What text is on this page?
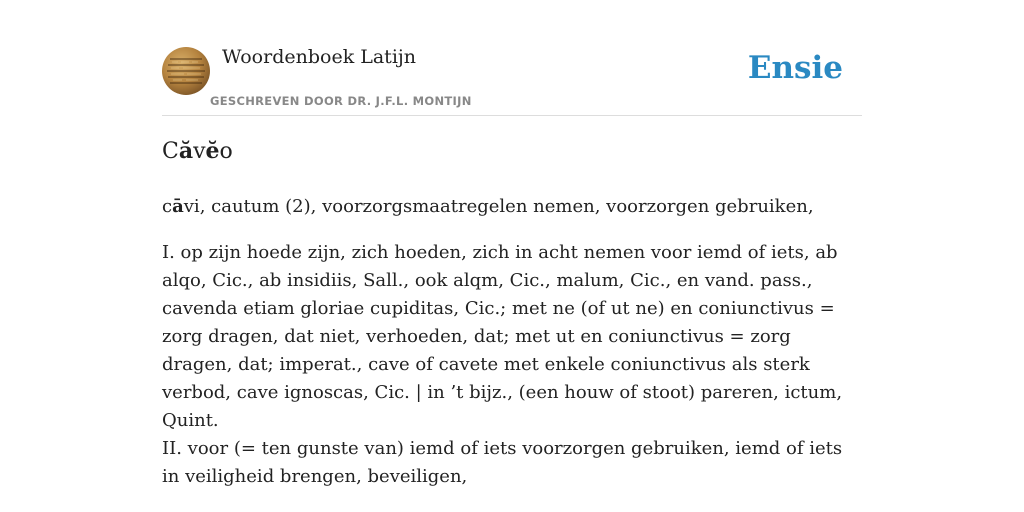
Woordenboek Latijn
GESCHREVEN DOOR DR. J.F.L. MONTIJN
Ensie
Căvĕo
cāvi, cautum (2), voorzorgsmaatregelen nemen, voorzorgen gebruiken,

I. op zijn hoede zijn, zich hoeden, zich in acht nemen voor iemd of iets, ab alqo, Cic., ab insidiis, Sall., ook alqm, Cic., malum, Cic., en vand. pass., cavenda etiam gloriae cupiditas, Cic.; met ne (of ut ne) en coniunctivus = zorg dragen, dat niet, verhoeden, dat; met ut en coniunctivus = zorg dragen, dat; imperat., cave of cavete met enkele coniunctivus als sterk verbod, cave ignoscas, Cic. | in ’t bijz., (een houw of stoot) pareren, ictum, Quint.

II. voor (= ten gunste van) iemd of iets voorzorgen gebruiken, iemd of iets in veiligheid brengen, beveiligen,
